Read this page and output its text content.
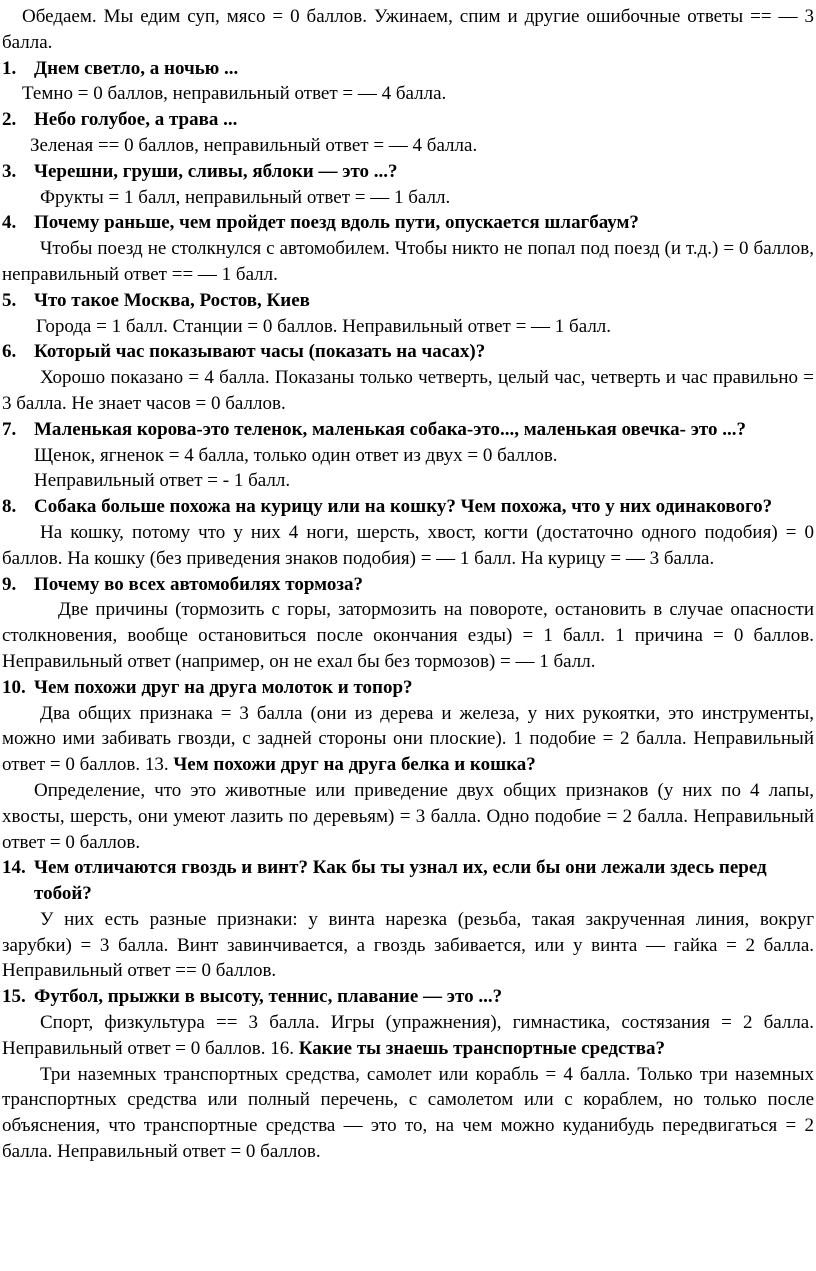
Обедаем. Мы едим суп, мясо = 0 баллов. Ужинаем, спим и другие ошибочные ответы == — 3 балла.

1. Днем светло, а ночью ...

Темно = 0 баллов, неправильный ответ = — 4 балла.

2. Небо голубое, а трава ...

Зеленая == 0 баллов, неправильный ответ = — 4 балла.

3. Черешни, груши, сливы, яблоки — это ...?

Фрукты = 1 балл, неправильный ответ = — 1 балл.

4. Почему раньше, чем пройдет поезд вдоль пути, опускается шлагбаум?

Чтобы поезд не столкнулся с автомобилем. Чтобы никто не попал под поезд (и т.д.) = 0 баллов, неправильный ответ == — 1 балл.

5. Что такое Москва, Ростов, Киев

Города = 1 балл. Станции = 0 баллов. Неправильный ответ = — 1 балл.

6. Который час показывают часы (показать на часах)?

Хорошо показано = 4 балла. Показаны только четверть, целый час, четверть и час правильно = 3 балла. Не знает часов = 0 баллов.

7. Маленькая корова-это теленок, маленькая собака-это..., маленькая овечка- это ...?Щенок, ягненок = 4 балла, только один ответ из двух = 0 баллов.

Неправильный ответ = - 1 балл.

8. Собака больше похожа на курицу или на кошку? Чем похожа, что у них одинакового?

На кошку, потому что у них 4 ноги, шерсть, хвост, когти (достаточно одного подобия) = 0 баллов. На кошку (без приведения знаков подобия) = — 1 балл. На курицу = — 3 балла.

9. Почему во всех автомобилях тормоза?

Две причины (тормозить с горы, затормозить на повороте, остановить в случае опасности столкновения, вообще остановиться после окончания езды) = 1 балл. 1 причина = 0 баллов. Неправильный ответ (например, он не ехал бы без тормозов) = — 1 балл.

10. Чем похожи друг на друга молоток и топор?

Два общих признака = 3 балла (они из дерева и железа, у них рукоятки, это инструменты, можно ими забивать гвозди, с задней стороны они плоские). 1 подобие = 2 балла. Неправильный ответ = 0 баллов. 13. Чем похожи друг на друга белка и кошка?

Определение, что это животные или приведение двух общих признаков (у них по 4 лапы, хвосты, шерсть, они умеют лазить по деревьям) = 3 балла. Одно подобие = 2 балла. Неправильный ответ = 0 баллов.

14. Чем отличаются гвоздь и винт? Как бы ты узнал их, если бы они лежали здесь перед тобой?

У них есть разные признаки: у винта нарезка (резьба, такая закрученная линия, вокруг зарубки) = 3 балла. Винт завинчивается, а гвоздь забивается, или у винта — гайка = 2 балла. Неправильный ответ == 0 баллов.

15. Футбол, прыжки в высоту, теннис, плавание — это ...?

Спорт, физкультура == 3 балла. Игры (упражнения), гимнастика, состязания = 2 балла. Неправильный ответ = 0 баллов. 16. Какие ты знаешь транспортные средства?

Три наземных транспортных средства, самолет или корабль = 4 балла. Только три наземных транспортных средства или полный перечень, с самолетом или с кораблем, но только после объяснения, что транспортные средства — это то, на чем можно куданибудь передвигаться = 2 балла. Неправильный ответ = 0 баллов.
